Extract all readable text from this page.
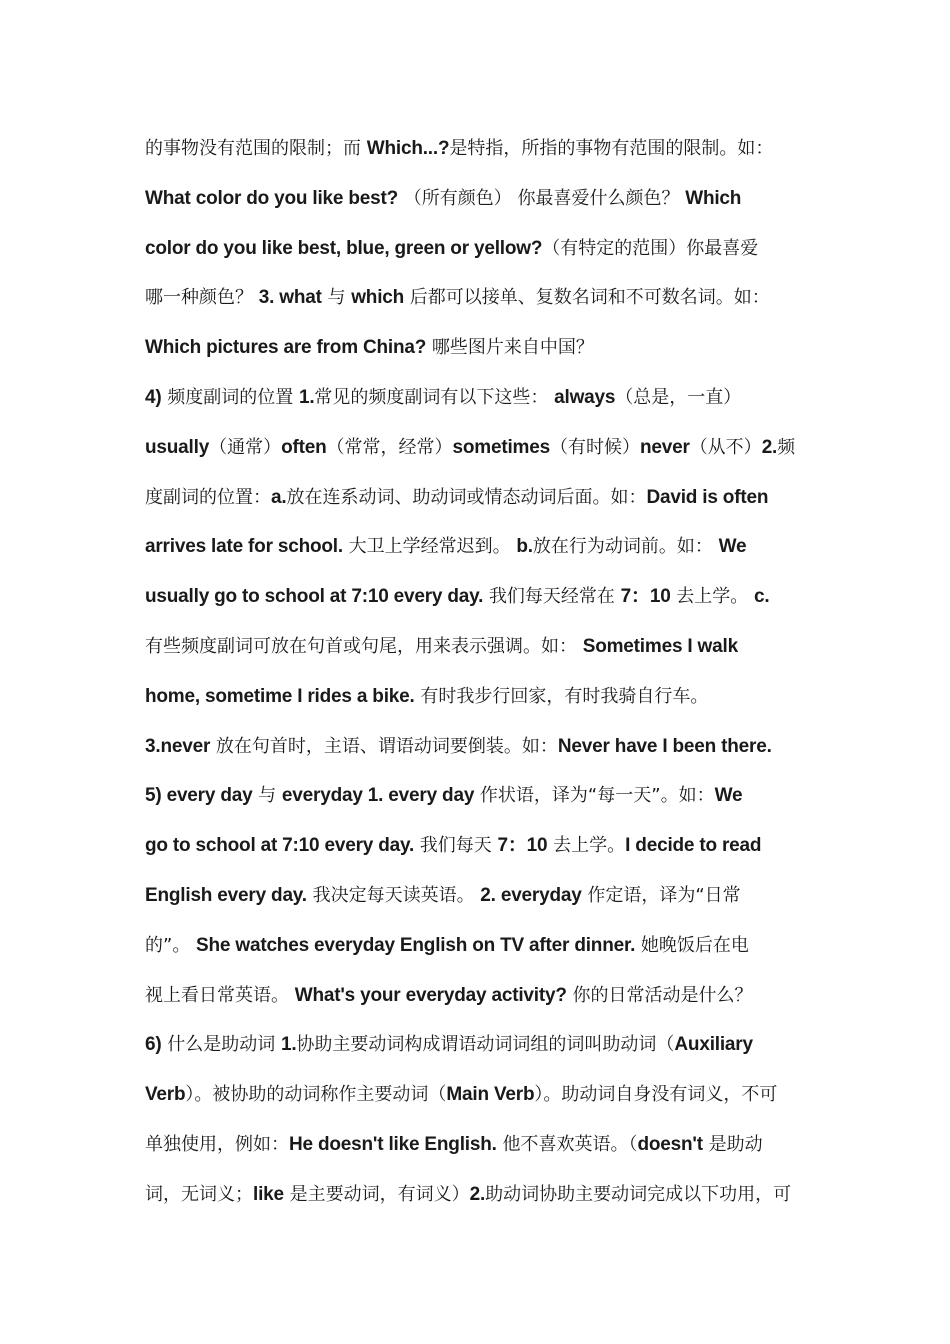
的事物没有范围的限制；而 Which...?是特指，所指的事物有范围的限制。如：
What color do you like best? （所有颜色） 你最喜爱什么颜色？ Which
color do you like best, blue, green or yellow?（有特定的范围）你最喜爱
哪一种颜色？ 3. what 与 which 后都可以接单、复数名词和不可数名词。如：
Which pictures are from China? 哪些图片来自中国？
4) 频度副词的位置 1.常见的频度副词有以下这些： always（总是，一直）
usually（通常）often（常常，经常）sometimes（有时候）never（从不）2.频
度副词的位置：a.放在连系动词、助动词或情态动词后面。如：David is often
arrives late for school. 大卫上学经常迟到。 b.放在行为动词前。如： We
usually go to school at 7:10 every day. 我们每天经常在 7：10 去上学。 c.
有些频度副词可放在句首或句尾，用来表示强调。如： Sometimes I walk
home, sometime I rides a bike. 有时我步行回家，有时我骑自行车。
3.never 放在句首时，主语、谓语动词要倒装。如：Never have I been there.
5) every day 与 everyday 1. every day 作状语，译为“每一天”。如：We
go to school at 7:10 every day. 我们每天 7：10 去上学。I decide to read
English every day. 我决定每天读英语。 2. everyday 作定语，译为“日常
的”。 She watches everyday English on TV after dinner. 她晚饭后在电
视上看日常英语。 What's your everyday activity? 你的日常活动是什么？
6) 什么是助动词 1.协助主要动词构成谓语动词词组的词叫助动词（Auxiliary
Verb）。被协助的动词称作主要动词（Main Verb）。助动词自身没有词义，不可
单独使用，例如：He doesn't like English. 他不喜欢英语。（doesn't 是助动
词，无词义；like 是主要动词，有词义）2.助动词协助主要动词完成以下功用，可
